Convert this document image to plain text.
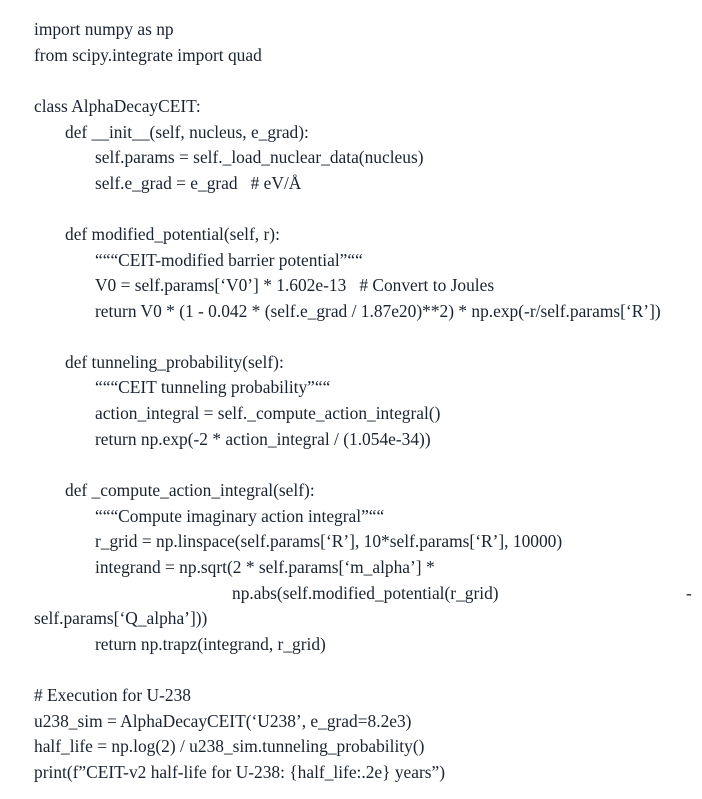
import numpy as np
from scipy.integrate import quad
class AlphaDecayCEIT:
def __init__(self, nucleus, e_grad):
self.params = self._load_nuclear_data(nucleus)
self.e_grad = e_grad   # eV/Å
def modified_potential(self, r):
“““CEIT-modified barrier potential”““
V0 = self.params[‘V0’] * 1.602e-13   # Convert to Joules
return V0 * (1 - 0.042 * (self.e_grad / 1.87e20)**2) * np.exp(-r/self.params[‘R’])
def tunneling_probability(self):
“““CEIT tunneling probability”““
action_integral = self._compute_action_integral()
return np.exp(-2 * action_integral / (1.054e-34))
def _compute_action_integral(self):
“““Compute imaginary action integral”““
r_grid = np.linspace(self.params[‘R’], 10*self.params[‘R’], 10000)
integrand = np.sqrt(2 * self.params[‘m_alpha’] *
np.abs(self.modified_potential(r_grid)	-
self.params[‘Q_alpha’]))
return np.trapz(integrand, r_grid)
# Execution for U-238
u238_sim = AlphaDecayCEIT(‘U238’, e_grad=8.2e3)
half_life = np.log(2) / u238_sim.tunneling_probability()
print(f”CEIT-v2 half-life for U-238: {half_life:.2e} years”)
